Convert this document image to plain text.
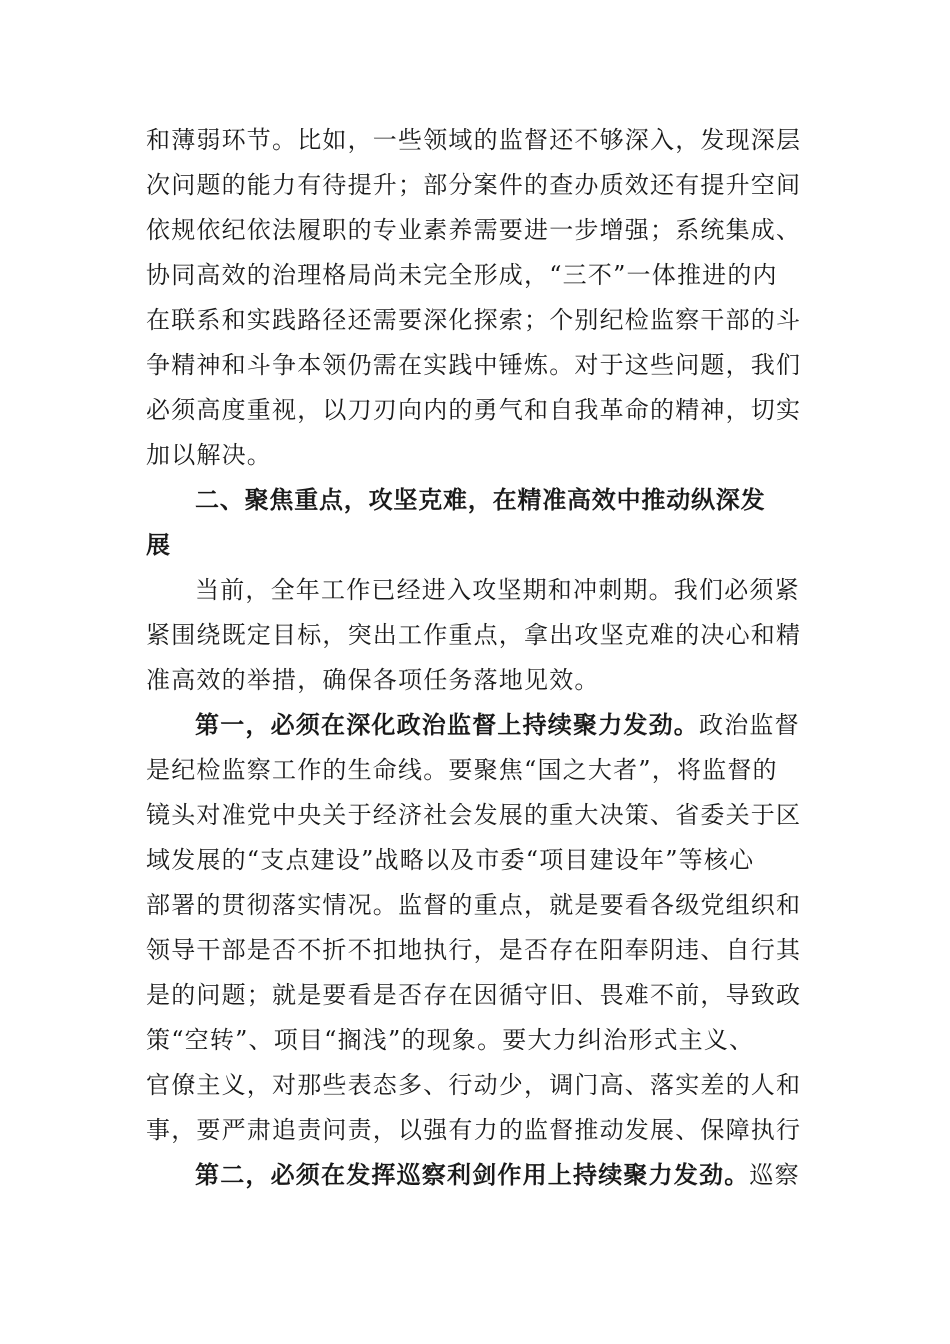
和薄弱环节。比如，一些领域的监督还不够深入，发现深层
次问题的能力有待提升；部分案件的查办质效还有提升空间
依规依纪依法履职的专业素养需要进一步增强；系统集成、
协同高效的治理格局尚未完全形成，“三不”一体推进的内
在联系和实践路径还需要深化探索；个别纪检监察干部的斗
争精神和斗争本领仍需在实践中锤炼。对于这些问题，我们
必须高度重视，以刀刃向内的勇气和自我革命的精神，切实
加以解决。
二、聚焦重点，攻坚克难，在精准高效中推动纵深发
展
当前，全年工作已经进入攻坚期和冲刺期。我们必须紧
紧围绕既定目标，突出工作重点，拿出攻坚克难的决心和精
准高效的举措，确保各项任务落地见效。
第一，必须在深化政治监督上持续聚力发劲。政治监督
是纪检监察工作的生命线。要聚焦“国之大者”，将监督的
镜头对准党中央关于经济社会发展的重大决策、省委关于区
域发展的“支点建设”战略以及市委“项目建设年”等核心
部署的贯彻落实情况。监督的重点，就是要看各级党组织和
领导干部是否不折不扣地执行，是否存在阳奉阴违、自行其
是的问题；就是要看是否存在因循守旧、畏难不前，导致政
策“空转”、项目“搁浅”的现象。要大力纠治形式主义、
官僚主义，对那些表态多、行动少，调门高、落实差的人和
事，要严肃追责问责，以强有力的监督推动发展、保障执行
第二，必须在发挥巡察利剑作用上持续聚力发劲。巡察
